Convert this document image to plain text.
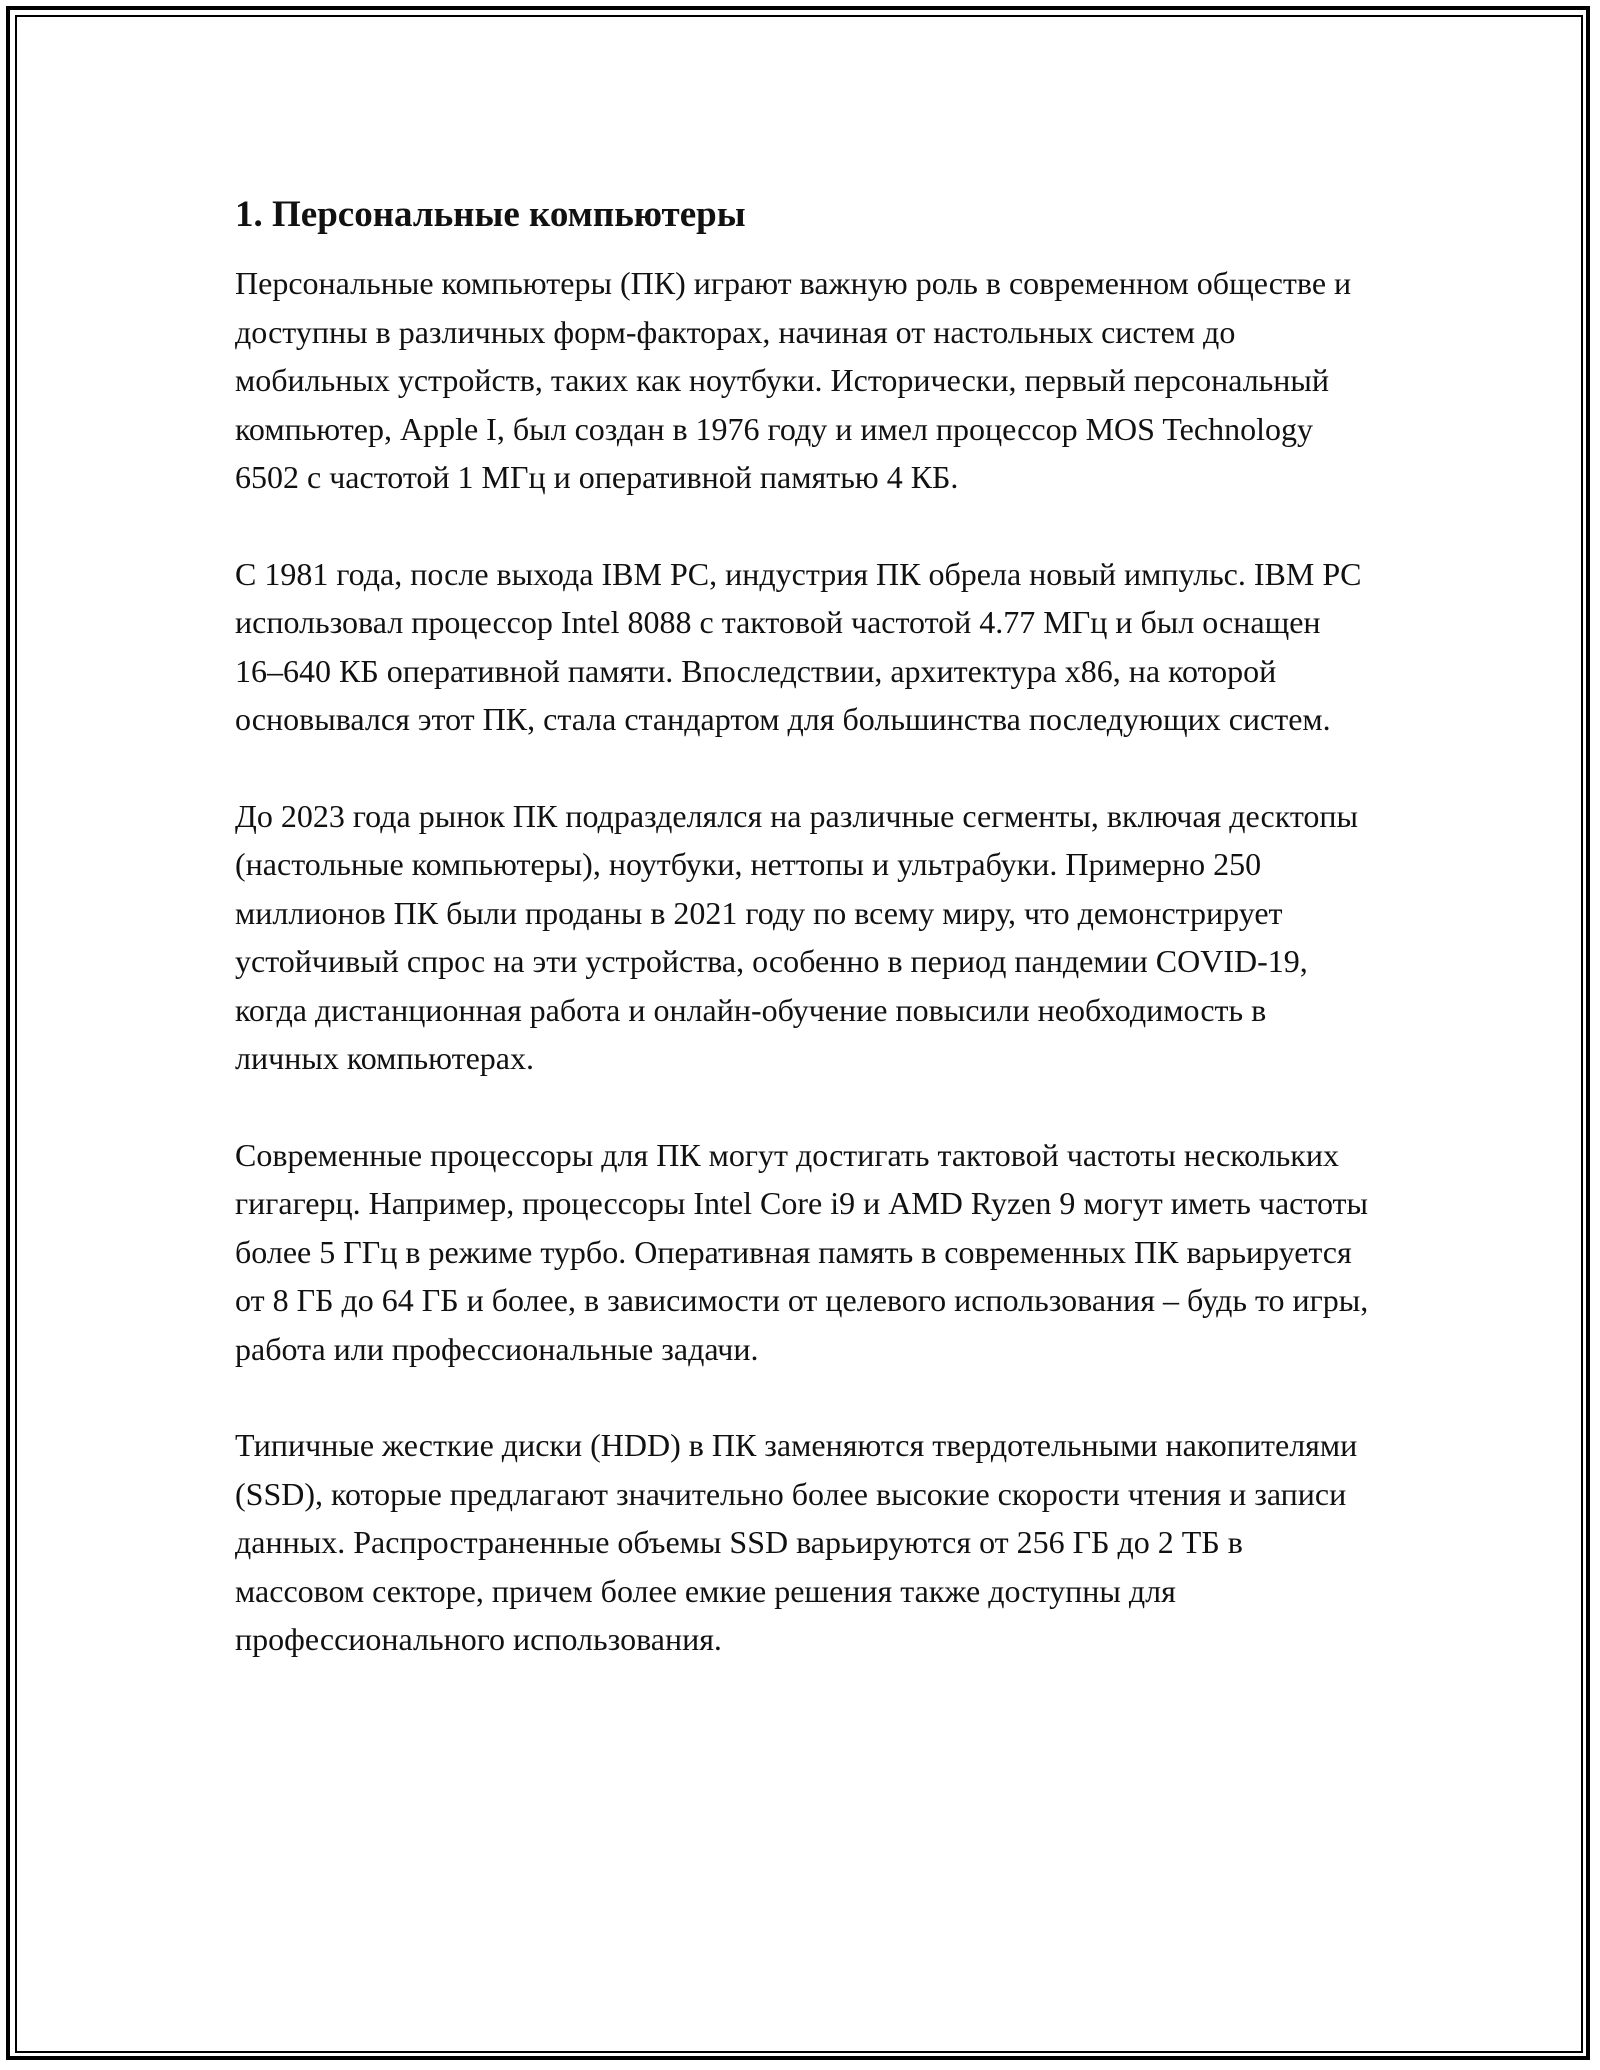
1. Персональные компьютеры

Персональные компьютеры (ПК) играют важную роль в современном обществе и доступны в различных форм-факторах, начиная от настольных систем до мобильных устройств, таких как ноутбуки. Исторически, первый персональный компьютер, Apple I, был создан в 1976 году и имел процессор MOS Technology 6502 с частотой 1 МГц и оперативной памятью 4 КБ.

С 1981 года, после выхода IBM PC, индустрия ПК обрела новый импульс. IBM PC использовал процессор Intel 8088 с тактовой частотой 4.77 МГц и был оснащен 16–640 КБ оперативной памяти. Впоследствии, архитектура x86, на которой основывался этот ПК, стала стандартом для большинства последующих систем.

До 2023 года рынок ПК подразделялся на различные сегменты, включая десктопы (настольные компьютеры), ноутбуки, неттопы и ультрабуки. Примерно 250 миллионов ПК были проданы в 2021 году по всему миру, что демонстрирует устойчивый спрос на эти устройства, особенно в период пандемии COVID-19, когда дистанционная работа и онлайн-обучение повысили необходимость в личных компьютерах.

Современные процессоры для ПК могут достигать тактовой частоты нескольких гигагерц. Например, процессоры Intel Core i9 и AMD Ryzen 9 могут иметь частоты более 5 ГГц в режиме турбо. Оперативная память в современных ПК варьируется от 8 ГБ до 64 ГБ и более, в зависимости от целевого использования – будь то игры, работа или профессиональные задачи.

Типичные жесткие диски (HDD) в ПК заменяются твердотельными накопителями (SSD), которые предлагают значительно более высокие скорости чтения и записи данных. Распространенные объемы SSD варьируются от 256 ГБ до 2 ТБ в массовом секторе, причем более емкие решения также доступны для профессионального использования.
